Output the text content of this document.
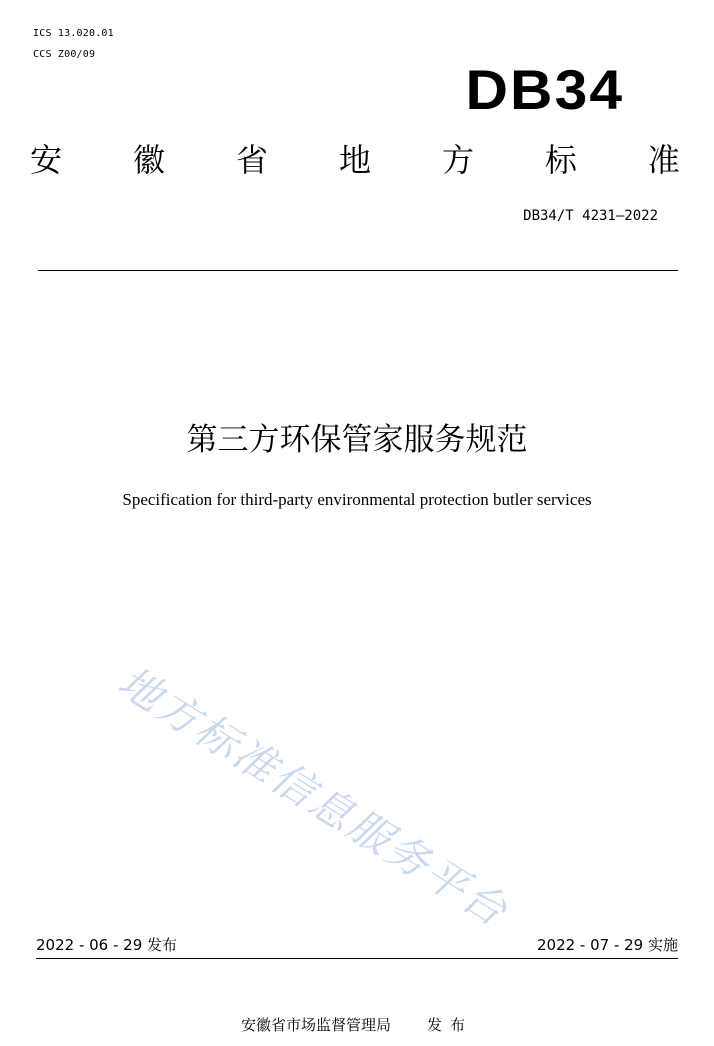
ICS 13.020.01
CCS Z00/09
DB34
安 徽 省 地 方 标 准
DB34/T 4231—2022
第三方环保管家服务规范
Specification for third-party environmental protection butler services
地方标准信息服务平台
2022 - 06 - 29 发布	2022 - 07 - 29 实施
安徽省市场监督管理局 发布
